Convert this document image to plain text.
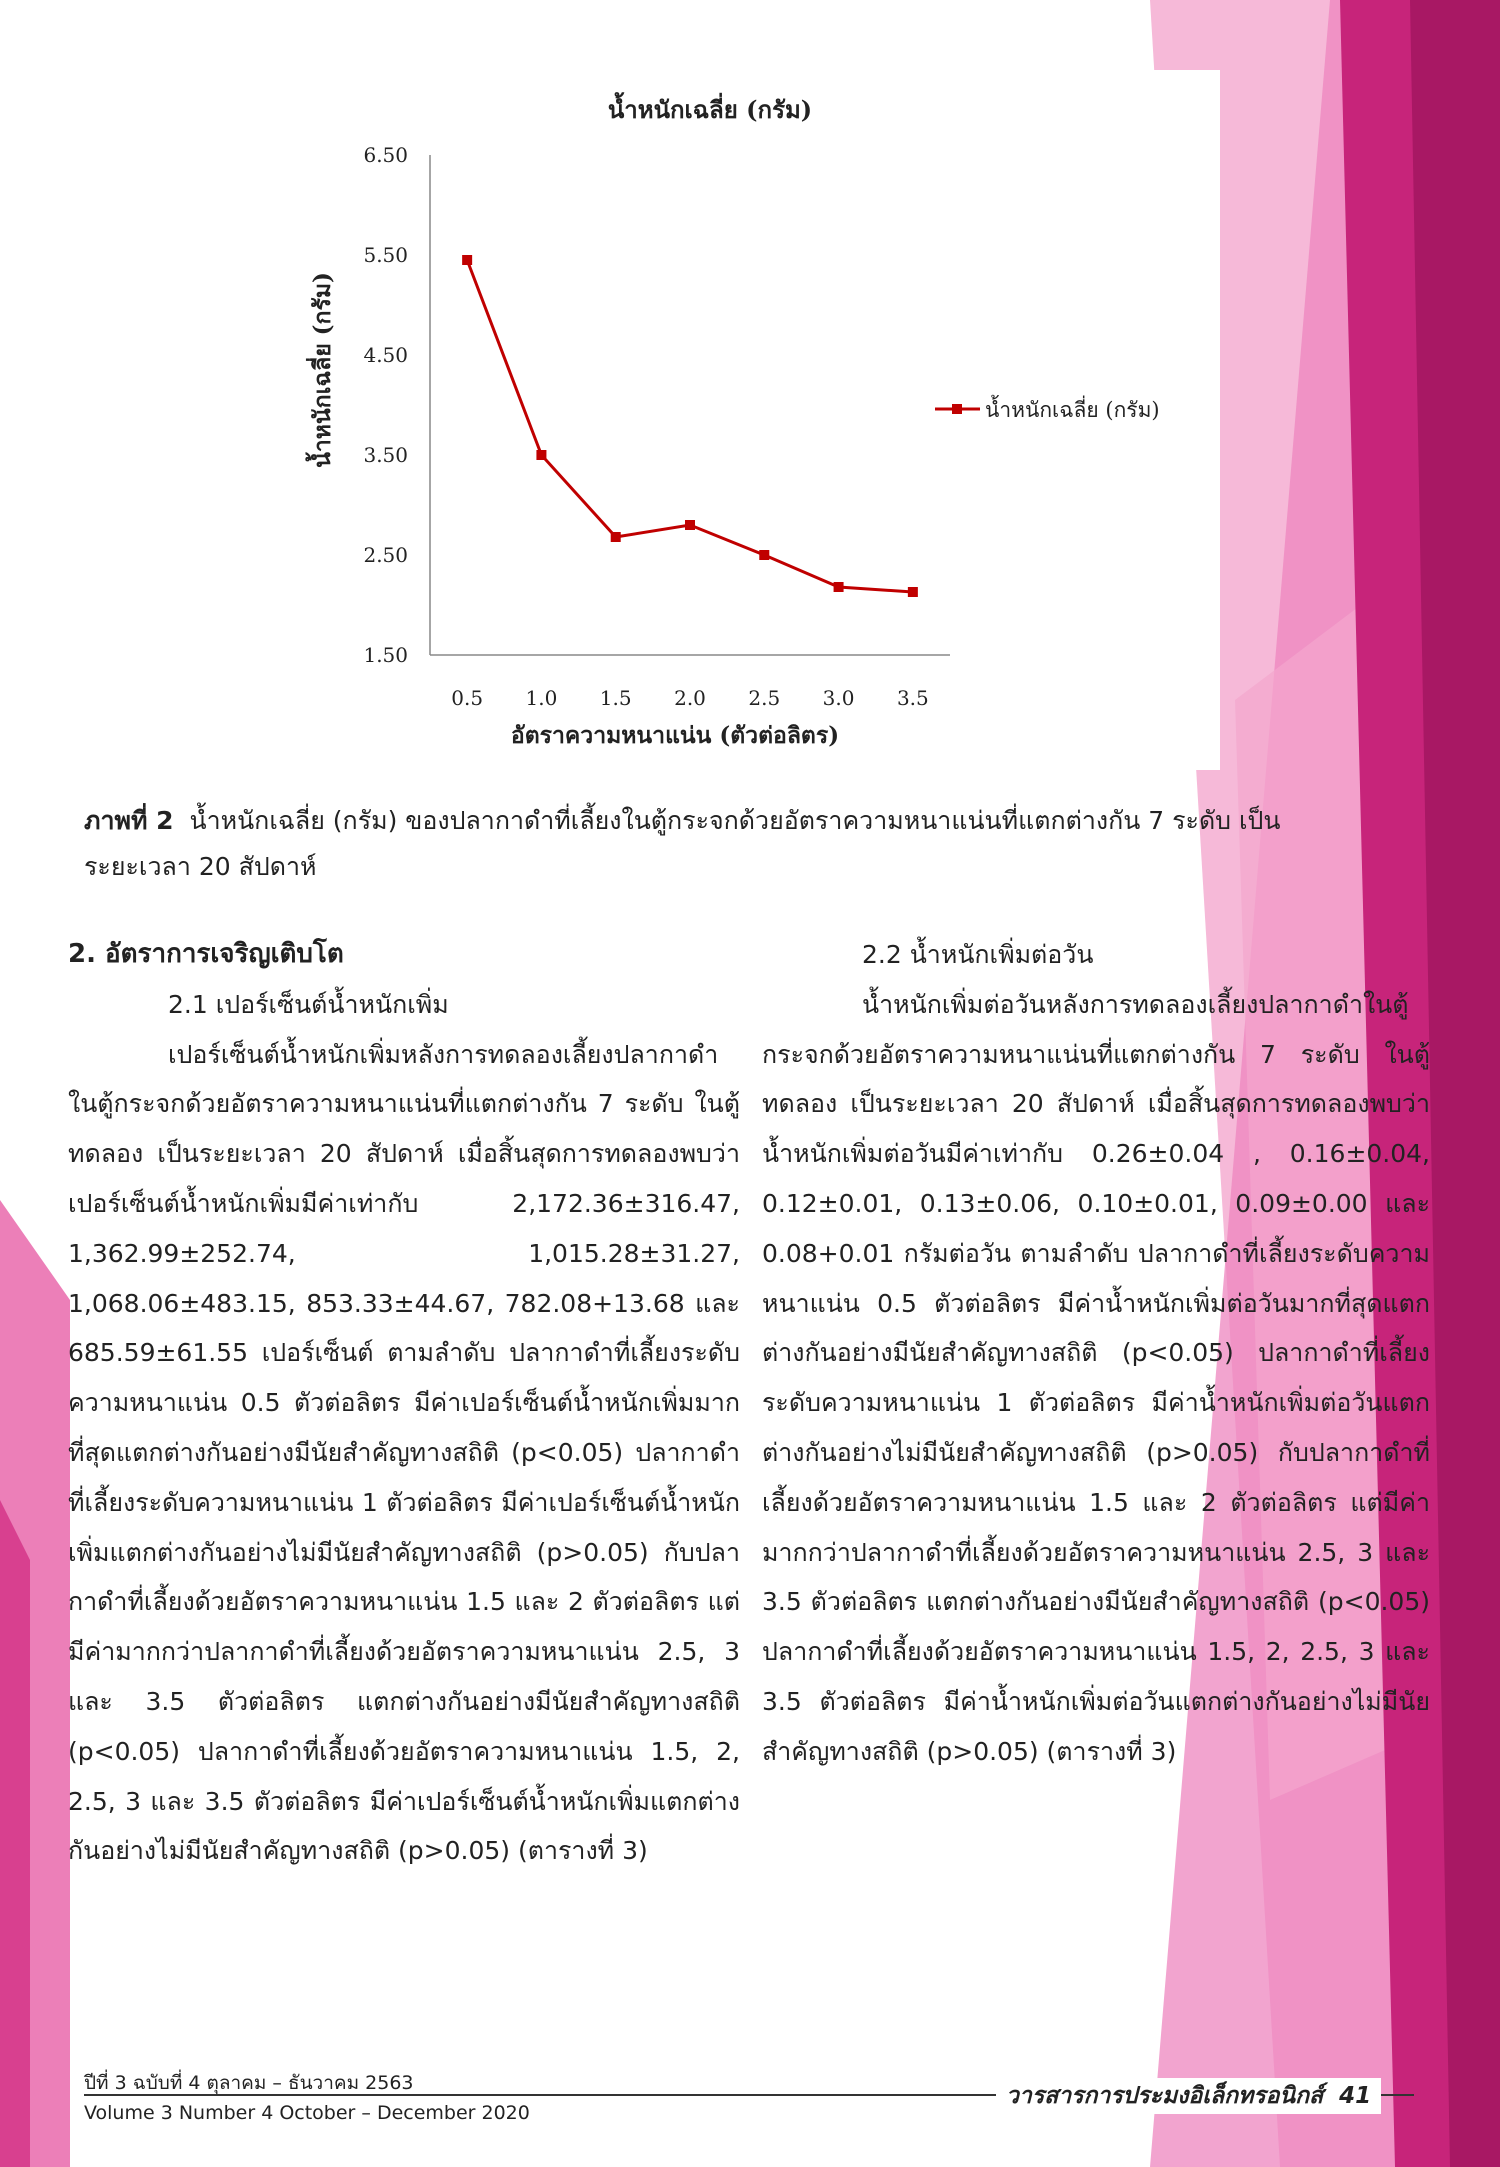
น้ำหนักเฉลี่ย (กรัม)
น้ำหนักเฉลี่ย (กรัม)
อัตราความหนาแน่น (ตัวต่อลิตร)
6.50
5.50
4.50
3.50
2.50
1.50
0.5 1.0 1.5 2.0 2.5 3.0 3.5
น้ำหนักเฉลี่ย (กรัม)
ภาพที่ 2 น้ำหนักเฉลี่ย (กรัม) ของปลากาดำที่เลี้ยงในตู้กระจกด้วยอัตราความหนาแน่นที่แตกต่างกัน 7 ระดับ เป็น
ระยะเวลา 20 สัปดาห์
2. อัตราการเจริญเติบโต
2.1 เปอร์เซ็นต์น้ำหนักเพิ่ม

เปอร์เซ็นต์น้ำหนักเพิ่มหลังการทดลองเลี้ยงปลากาดำในตู้กระจกด้วยอัตราความหนาแน่นที่แตกต่างกัน 7 ระดับ ในตู้ทดลอง เป็นระยะเวลา 20 สัปดาห์ เมื่อสิ้นสุดการทดลองพบว่า เปอร์เซ็นต์น้ำหนักเพิ่มมีค่าเท่ากับ 2,172.36±316.47, 1,362.99±252.74, 1,015.28±31.27, 1,068.06±483.15, 853.33±44.67, 782.08+13.68 และ 685.59±61.55 เปอร์เซ็นต์ ตามลำดับ ปลากาดำที่เลี้ยงระดับความหนาแน่น 0.5 ตัวต่อลิตร มีค่าเปอร์เซ็นต์น้ำหนักเพิ่มมากที่สุดแตกต่างกันอย่างมีนัยสำคัญทางสถิติ (p<0.05) ปลากาดำที่เลี้ยงระดับความหนาแน่น 1 ตัวต่อลิตร มีค่าเปอร์เซ็นต์น้ำหนักเพิ่มแตกต่างกันอย่างไม่มีนัยสำคัญทางสถิติ (p>0.05) กับปลากาดำที่เลี้ยงด้วยอัตราความหนาแน่น 1.5 และ 2 ตัวต่อลิตร แต่มีค่ามากกว่าปลากาดำที่เลี้ยงด้วยอัตราความหนาแน่น 2.5, 3 และ 3.5 ตัวต่อลิตร แตกต่างกันอย่างมีนัยสำคัญทางสถิติ (p<0.05) ปลากาดำที่เลี้ยงด้วยอัตราความหนาแน่น 1.5, 2, 2.5, 3 และ 3.5 ตัวต่อลิตร มีค่าเปอร์เซ็นต์น้ำหนักเพิ่มแตกต่างกันอย่างไม่มีนัยสำคัญทางสถิติ (p>0.05) (ตารางที่ 3)

2.2 น้ำหนักเพิ่มต่อวัน

น้ำหนักเพิ่มต่อวันหลังการทดลองเลี้ยงปลากาดำในตู้กระจกด้วยอัตราความหนาแน่นที่แตกต่างกัน 7 ระดับ ในตู้ทดลอง เป็นระยะเวลา 20 สัปดาห์ เมื่อสิ้นสุดการทดลองพบว่า น้ำหนักเพิ่มต่อวันมีค่าเท่ากับ 0.26±0.04 , 0.16±0.04, 0.12±0.01, 0.13±0.06, 0.10±0.01, 0.09±0.00 และ 0.08+0.01 กรัมต่อวัน ตามลำดับ ปลากาดำที่เลี้ยงระดับความหนาแน่น 0.5 ตัวต่อลิตร มีค่าน้ำหนักเพิ่มต่อวันมากที่สุดแตกต่างกันอย่างมีนัยสำคัญทางสถิติ (p<0.05) ปลากาดำที่เลี้ยงระดับความหนาแน่น 1 ตัวต่อลิตร มีค่าน้ำหนักเพิ่มต่อวันแตกต่างกันอย่างไม่มีนัยสำคัญทางสถิติ (p>0.05) กับปลากาดำที่เลี้ยงด้วยอัตราความหนาแน่น 1.5 และ 2 ตัวต่อลิตร แต่มีค่ามากกว่าปลากาดำที่เลี้ยงด้วยอัตราความหนาแน่น 2.5, 3 และ 3.5 ตัวต่อลิตร แตกต่างกันอย่างมีนัยสำคัญทางสถิติ (p<0.05) ปลากาดำที่เลี้ยงด้วยอัตราความหนาแน่น 1.5, 2, 2.5, 3 และ 3.5 ตัวต่อลิตร มีค่าน้ำหนักเพิ่มต่อวันแตกต่างกันอย่างไม่มีนัยสำคัญทางสถิติ (p>0.05) (ตารางที่ 3)

ปีที่ 3 ฉบับที่ 4 ตุลาคม – ธันวาคม 2563
Volume 3 Number 4 October – December 2020
วารสารการประมงอิเล็กทรอนิกส์ 41
